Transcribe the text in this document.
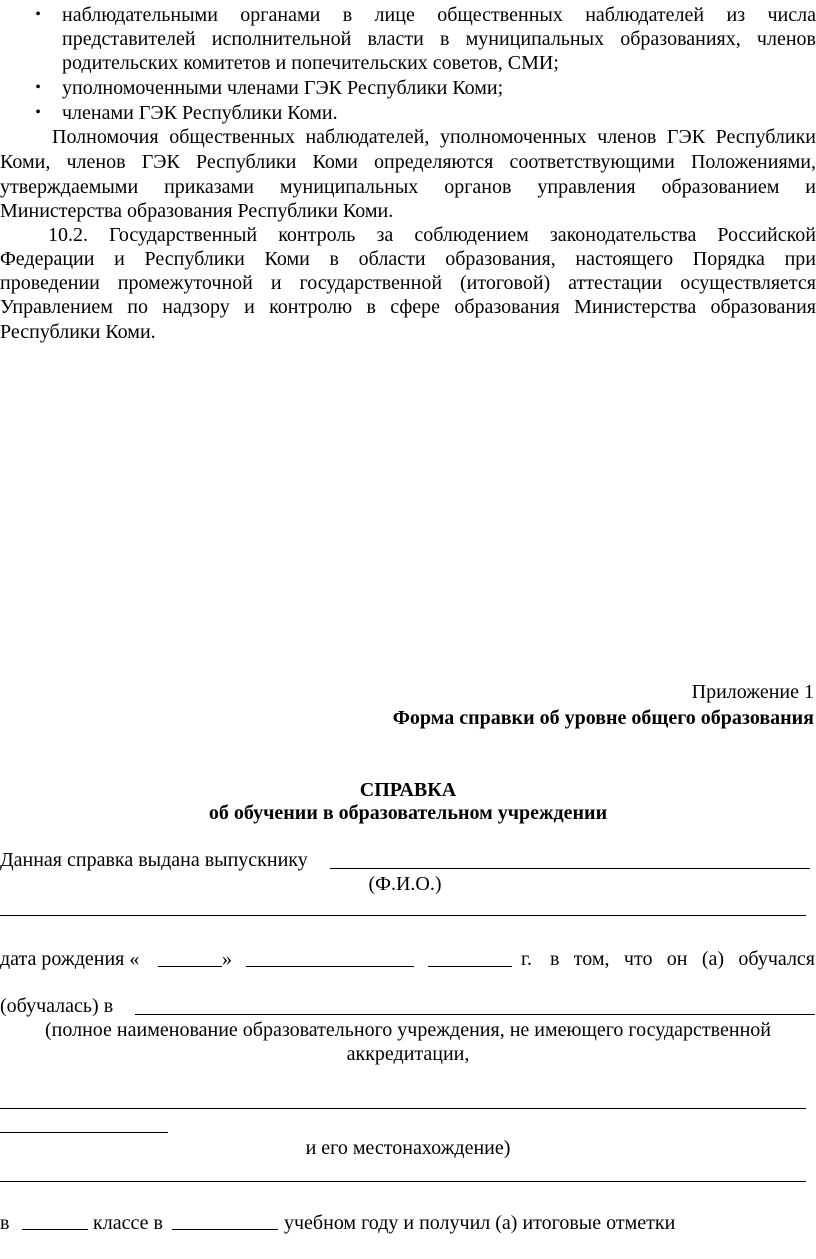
• наблюдательными органами в лице общественных наблюдателей из числа
представителей исполнительной власти в муниципальных образованиях, членов
родительских комитетов и попечительских советов, СМИ;
• уполномоченными членами ГЭК Республики Коми;
• членами ГЭК Республики Коми.
Полномочия общественных наблюдателей, уполномоченных членов ГЭК Республики
Коми, членов ГЭК Республики Коми определяются соответствующими Положениями,
утверждаемыми приказами муниципальных органов управления образованием и
Министерства образования Республики Коми.
10.2. Государственный контроль за соблюдением законодательства Российской
Федерации и Республики Коми в области образования, настоящего Порядка при
проведении промежуточной и государственной (итоговой) аттестации осуществляется
Управлением по надзору и контролю в сфере образования Министерства образования
Республики Коми.
Приложение 1
Форма справки об уровне общего образования
СПРАВКА
об обучении в образовательном учреждении
Данная справка выдана выпускнику
(Ф.И.О.)
дата рождения «	»	г. в том, что он (а) обучался
(обучалась) в
(полное наименование образовательного учреждения, не имеющего государственной
аккредитации,
и его местонахождение)
в	классе в	учебном году и получил (а) итоговые отметки
